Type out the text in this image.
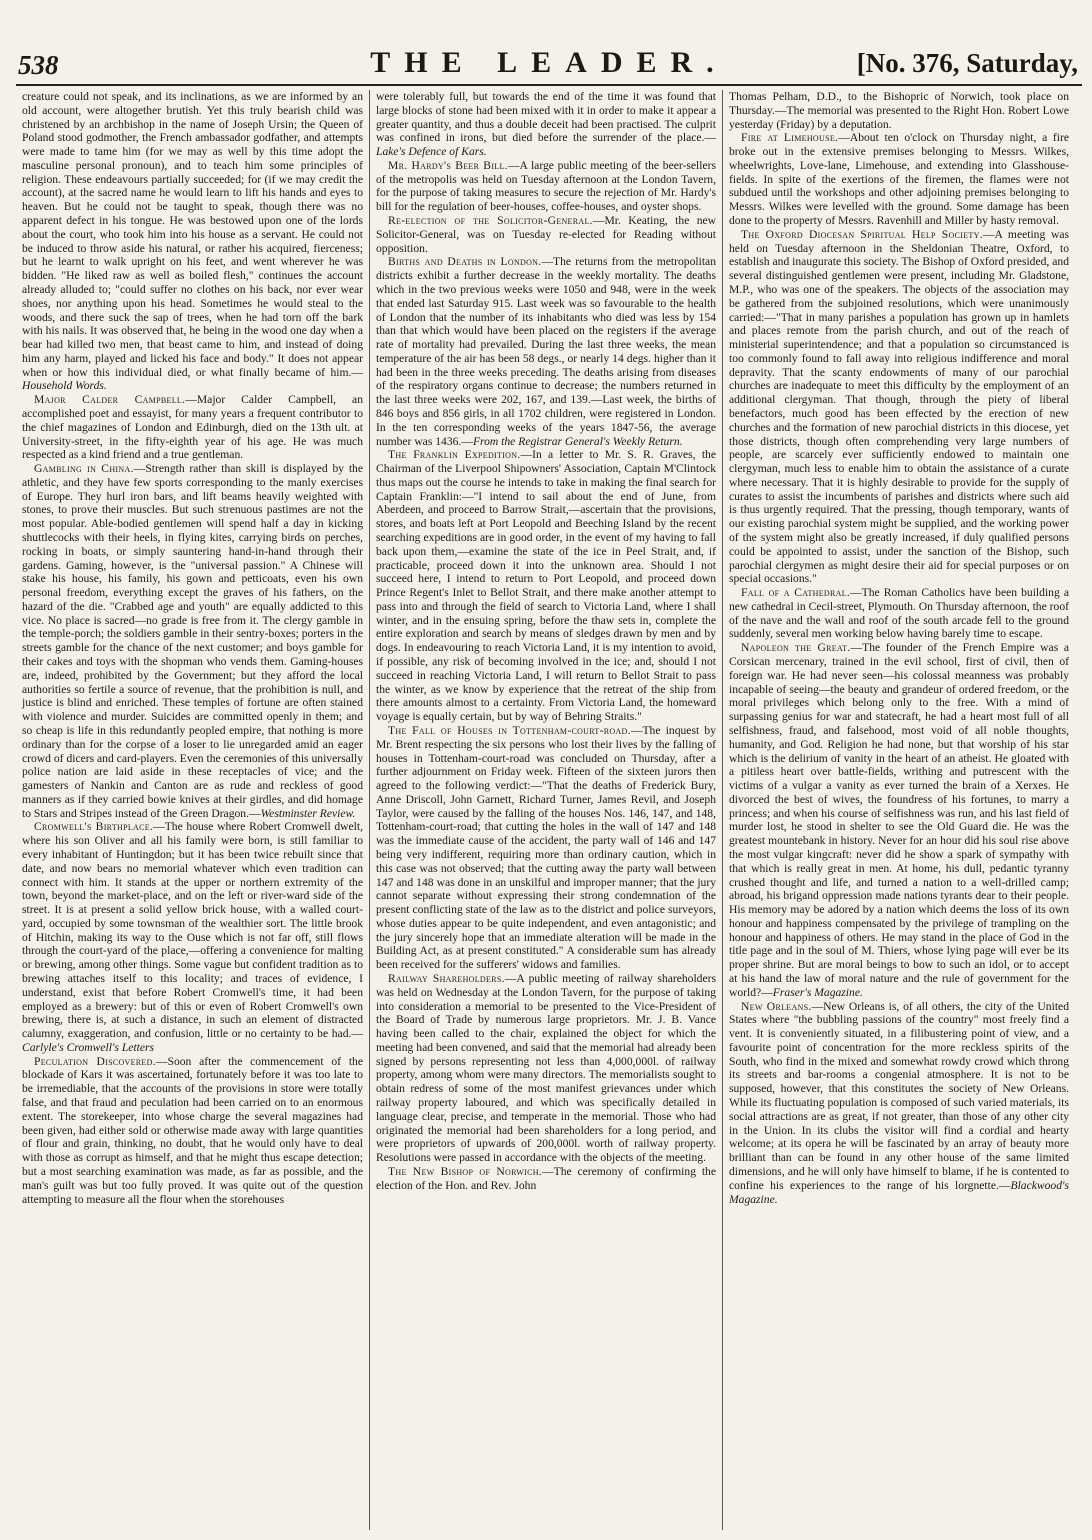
538	THE LEADER.	[No. 376, Saturday,

creature could not speak, and its inclinations, as we are informed by an old account, were altogether brutish. Yet this truly bearish child was christened by an archbishop in the name of Joseph Ursin; the Queen of Poland stood godmother, the French ambassador godfather, and attempts were made to tame him (for we may as well by this time adopt the masculine personal pronoun), and to teach him some principles of religion. These endeavours partially succeeded; for (if we may credit the account), at the sacred name he would learn to lift his hands and eyes to heaven. But he could not be taught to speak, though there was no apparent defect in his tongue. He was bestowed upon one of the lords about the court, who took him into his house as a servant. He could not be induced to throw aside his natural, or rather his acquired, fierceness; but he learnt to walk upright on his feet, and went wherever he was bidden. "He liked raw as well as boiled flesh," continues the account already alluded to; "could suffer no clothes on his back, nor ever wear shoes, nor anything upon his head. Sometimes he would steal to the woods, and there suck the sap of trees, when he had torn off the bark with his nails. It was observed that, he being in the wood one day when a bear had killed two men, that beast came to him, and instead of doing him any harm, played and licked his face and body." It does not appear when or how this individual died, or what finally became of him.—Household Words.

Major Calder Campbell.—Major Calder Campbell, an accomplished poet and essayist, for many years a frequent contributor to the chief magazines of London and Edinburgh, died on the 13th ult. at University-street, in the fifty-eighth year of his age. He was much respected as a kind friend and a true gentleman.

Gambling in China.—Strength rather than skill is displayed by the athletic, and they have few sports corresponding to the manly exercises of Europe. They hurl iron bars, and lift beams heavily weighted with stones, to prove their muscles. But such strenuous pastimes are not the most popular. Able-bodied gentlemen will spend half a day in kicking shuttlecocks with their heels, in flying kites, carrying birds on perches, rocking in boats, or simply sauntering hand-in-hand through their gardens. Gaming, however, is the "universal passion." A Chinese will stake his house, his family, his gown and petticoats, even his own personal freedom, everything except the graves of his fathers, on the hazard of the die. "Crabbed age and youth" are equally addicted to this vice. No place is sacred—no grade is free from it. The clergy gamble in the temple-porch; the soldiers gamble in their sentry-boxes; porters in the streets gamble for the chance of the next customer; and boys gamble for their cakes and toys with the shopman who vends them. Gaming-houses are, indeed, prohibited by the Government; but they afford the local authorities so fertile a source of revenue, that the prohibition is null, and justice is blind and enriched. These temples of fortune are often stained with violence and murder. Suicides are committed openly in them; and so cheap is life in this redundantly peopled empire, that nothing is more ordinary than for the corpse of a loser to lie unregarded amid an eager crowd of dicers and card-players. Even the ceremonies of this universally police nation are laid aside in these receptacles of vice; and the gamesters of Nankin and Canton are as rude and reckless of good manners as if they carried bowie knives at their girdles, and did homage to Stars and Stripes instead of the Green Dragon.—Westminster Review.

Cromwell's Birthplace.—The house where Robert Cromwell dwelt, where his son Oliver and all his family were born, is still familiar to every inhabitant of Huntingdon; but it has been twice rebuilt since that date, and now bears no memorial whatever which even tradition can connect with him. It stands at the upper or northern extremity of the town, beyond the market-place, and on the left or river-ward side of the street. It is at present a solid yellow brick house, with a walled court-yard, occupied by some townsman of the wealthier sort. The little brook of Hitchin, making its way to the Ouse which is not far off, still flows through the court-yard of the place,—offering a convenience for malting or brewing, among other things. Some vague but confident tradition as to brewing attaches itself to this locality; and traces of evidence, I understand, exist that before Robert Cromwell's time, it had been employed as a brewery: but of this or even of Robert Cromwell's own brewing, there is, at such a distance, in such an element of distracted calumny, exaggeration, and confusion, little or no certainty to be had.—Carlyle's Cromwell's Letters

Peculation Discovered.—Soon after the commencement of the blockade of Kars it was ascertained, fortunately before it was too late to be irremediable, that the accounts of the provisions in store were totally false, and that fraud and peculation had been carried on to an enormous extent. The storekeeper, into whose charge the several magazines had been given, had either sold or otherwise made away with large quantities of flour and grain, thinking, no doubt, that he would only have to deal with those as corrupt as himself, and that he might thus escape detection; but a most searching examination was made, as far as possible, and the man's guilt was but too fully proved. It was quite out of the question attempting to measure all the flour when the storehouses

were tolerably full, but towards the end of the time it was found that large blocks of stone had been mixed with it in order to make it appear a greater quantity, and thus a double deceit had been practised. The culprit was confined in irons, but died before the surrender of the place.—Lake's Defence of Kars.

Mr. Hardy's Beer Bill.—A large public meeting of the beer-sellers of the metropolis was held on Tuesday afternoon at the London Tavern, for the purpose of taking measures to secure the rejection of Mr. Hardy's bill for the regulation of beer-houses, coffee-houses, and oyster shops.

Re-election of the Solicitor-General.—Mr. Keating, the new Solicitor-General, was on Tuesday re-elected for Reading without opposition.

Births and Deaths in London.—The returns from the metropolitan districts exhibit a further decrease in the weekly mortality. The deaths which in the two previous weeks were 1050 and 948, were in the week that ended last Saturday 915. Last week was so favourable to the health of London that the number of its inhabitants who died was less by 154 than that which would have been placed on the registers if the average rate of mortality had prevailed. During the last three weeks, the mean temperature of the air has been 58 degs., or nearly 14 degs. higher than it had been in the three weeks preceding. The deaths arising from diseases of the respiratory organs continue to decrease; the numbers returned in the last three weeks were 202, 167, and 139.—Last week, the births of 846 boys and 856 girls, in all 1702 children, were registered in London. In the ten corresponding weeks of the years 1847-56, the average number was 1436.—From the Registrar General's Weekly Return.

The Franklin Expedition.—In a letter to Mr. S. R. Graves, the Chairman of the Liverpool Shipowners' Association, Captain M'Clintock thus maps out the course he intends to take in making the final search for Captain Franklin:—"I intend to sail about the end of June, from Aberdeen, and proceed to Barrow Strait,—ascertain that the provisions, stores, and boats left at Port Leopold and Beeching Island by the recent searching expeditions are in good order, in the event of my having to fall back upon them,—examine the state of the ice in Peel Strait, and, if practicable, proceed down it into the unknown area. Should I not succeed here, I intend to return to Port Leopold, and proceed down Prince Regent's Inlet to Bellot Strait, and there make another attempt to pass into and through the field of search to Victoria Land, where I shall winter, and in the ensuing spring, before the thaw sets in, complete the entire exploration and search by means of sledges drawn by men and by dogs. In endeavouring to reach Victoria Land, it is my intention to avoid, if possible, any risk of becoming involved in the ice; and, should I not succeed in reaching Victoria Land, I will return to Bellot Strait to pass the winter, as we know by experience that the retreat of the ship from there amounts almost to a certainty. From Victoria Land, the homeward voyage is equally certain, but by way of Behring Straits."

The Fall of Houses in Tottenham-court-road.—The inquest by Mr. Brent respecting the six persons who lost their lives by the falling of houses in Tottenham-court-road was concluded on Thursday, after a further adjournment on Friday week. Fifteen of the sixteen jurors then agreed to the following verdict:—"That the deaths of Frederick Bury, Anne Driscoll, John Garnett, Richard Turner, James Revil, and Joseph Taylor, were caused by the falling of the houses Nos. 146, 147, and 148, Tottenham-court-road; that cutting the holes in the wall of 147 and 148 was the immediate cause of the accident, the party wall of 146 and 147 being very indifferent, requiring more than ordinary caution, which in this case was not observed; that the cutting away the party wall between 147 and 148 was done in an unskilful and improper manner; that the jury cannot separate without expressing their strong condemnation of the present conflicting state of the law as to the district and police surveyors, whose duties appear to be quite independent, and even antagonistic; and the jury sincerely hope that an immediate alteration will be made in the Building Act, as at present constituted." A considerable sum has already been received for the sufferers' widows and families.

Railway Shareholders.—A public meeting of railway shareholders was held on Wednesday at the London Tavern, for the purpose of taking into consideration a memorial to be presented to the Vice-President of the Board of Trade by numerous large proprietors. Mr. J. B. Vance having been called to the chair, explained the object for which the meeting had been convened, and said that the memorial had already been signed by persons representing not less than 4,000,000l. of railway property, among whom were many directors. The memorialists sought to obtain redress of some of the most manifest grievances under which railway property laboured, and which was specifically detailed in language clear, precise, and temperate in the memorial. Those who had originated the memorial had been shareholders for a long period, and were proprietors of upwards of 200,000l. worth of railway property. Resolutions were passed in accordance with the objects of the meeting.

The New Bishop of Norwich.—The ceremony of confirming the election of the Hon. and Rev. John

Thomas Pelham, D.D., to the Bishopric of Norwich, took place on Thursday.—The memorial was presented to the Right Hon. Robert Lowe yesterday (Friday) by a deputation.

Fire at Limehouse.—About ten o'clock on Thursday night, a fire broke out in the extensive premises belonging to Messrs. Wilkes, wheelwrights, Love-lane, Limehouse, and extending into Glasshouse-fields. In spite of the exertions of the firemen, the flames were not subdued until the workshops and other adjoining premises belonging to Messrs. Wilkes were levelled with the ground. Some damage has been done to the property of Messrs. Ravenhill and Miller by hasty removal.

The Oxford Diocesan Spiritual Help Society.—A meeting was held on Tuesday afternoon in the Sheldonian Theatre, Oxford, to establish and inaugurate this society. The Bishop of Oxford presided, and several distinguished gentlemen were present, including Mr. Gladstone, M.P., who was one of the speakers. The objects of the association may be gathered from the subjoined resolutions, which were unanimously carried:—"That in many parishes a population has grown up in hamlets and places remote from the parish church, and out of the reach of ministerial superintendence; and that a population so circumstanced is too commonly found to fall away into religious indifference and moral depravity. That the scanty endowments of many of our parochial churches are inadequate to meet this difficulty by the employment of an additional clergyman. That though, through the piety of liberal benefactors, much good has been effected by the erection of new churches and the formation of new parochial districts in this diocese, yet those districts, though often comprehending very large numbers of people, are scarcely ever sufficiently endowed to maintain one clergyman, much less to enable him to obtain the assistance of a curate where necessary. That it is highly desirable to provide for the supply of curates to assist the incumbents of parishes and districts where such aid is thus urgently required. That the pressing, though temporary, wants of our existing parochial system might be supplied, and the working power of the system might also be greatly increased, if duly qualified persons could be appointed to assist, under the sanction of the Bishop, such parochial clergymen as might desire their aid for special purposes or on special occasions."

Fall of a Cathedral.—The Roman Catholics have been building a new cathedral in Cecil-street, Plymouth. On Thursday afternoon, the roof of the nave and the wall and roof of the south arcade fell to the ground suddenly, several men working below having barely time to escape.

Napoleon the Great.—The founder of the French Empire was a Corsican mercenary, trained in the evil school, first of civil, then of foreign war. He had never seen—his colossal meanness was probably incapable of seeing—the beauty and grandeur of ordered freedom, or the moral privileges which belong only to the free. With a mind of surpassing genius for war and statecraft, he had a heart most full of all selfishness, fraud, and falsehood, most void of all noble thoughts, humanity, and God. Religion he had none, but that worship of his star which is the delirium of vanity in the heart of an atheist. He gloated with a pitiless heart over battle-fields, writhing and putrescent with the victims of a vulgar a vanity as ever turned the brain of a Xerxes. He divorced the best of wives, the foundress of his fortunes, to marry a princess; and when his course of selfishness was run, and his last field of murder lost, he stood in shelter to see the Old Guard die. He was the greatest mountebank in history. Never for an hour did his soul rise above the most vulgar kingcraft: never did he show a spark of sympathy with that which is really great in men. At home, his dull, pedantic tyranny crushed thought and life, and turned a nation to a well-drilled camp; abroad, his brigand oppression made nations tyrants dear to their people. His memory may be adored by a nation which deems the loss of its own honour and happiness compensated by the privilege of trampling on the honour and happiness of others. He may stand in the place of God in the title page and in the soul of M. Thiers, whose lying page will ever be its proper shrine. But are moral beings to bow to such an idol, or to accept at his hand the law of moral nature and the rule of government for the world?—Fraser's Magazine.

New Orleans.—New Orleans is, of all others, the city of the United States where "the bubbling passions of the country" most freely find a vent. It is conveniently situated, in a filibustering point of view, and a favourite point of concentration for the more reckless spirits of the South, who find in the mixed and somewhat rowdy crowd which throng its streets and bar-rooms a congenial atmosphere. It is not to be supposed, however, that this constitutes the society of New Orleans. While its fluctuating population is composed of such varied materials, its social attractions are as great, if not greater, than those of any other city in the Union. In its clubs the visitor will find a cordial and hearty welcome; at its opera he will be fascinated by an array of beauty more brilliant than can be found in any other house of the same limited dimensions, and he will only have himself to blame, if he is contented to confine his experiences to the range of his lorgnette.—Blackwood's Magazine.
